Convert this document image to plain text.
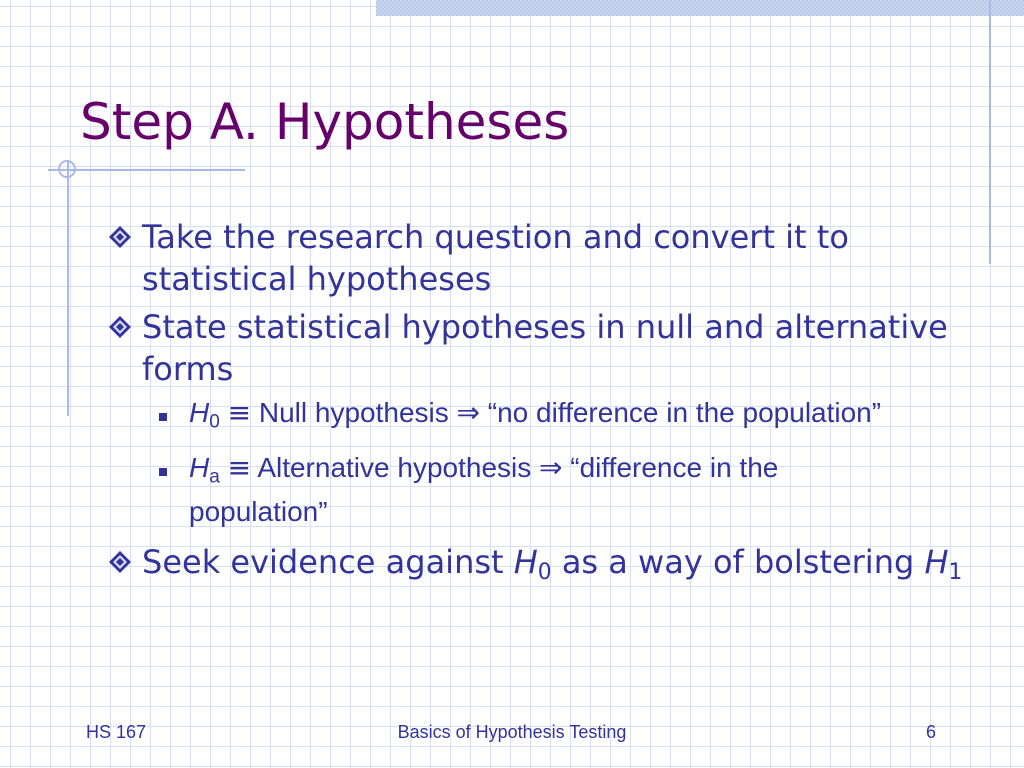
Step A. Hypotheses
Take the research question and convert it to statistical hypotheses
State statistical hypotheses in null and alternative forms
$H_0$ ≡ Null hypothesis ⇒ “no difference in the population”
$H_a$ ≡ Alternative hypothesis ⇒ “difference in the population”
Seek evidence against $H_0$ as a way of bolstering $H_1$
Basics of Hypothesis Testing
HS 167	6
